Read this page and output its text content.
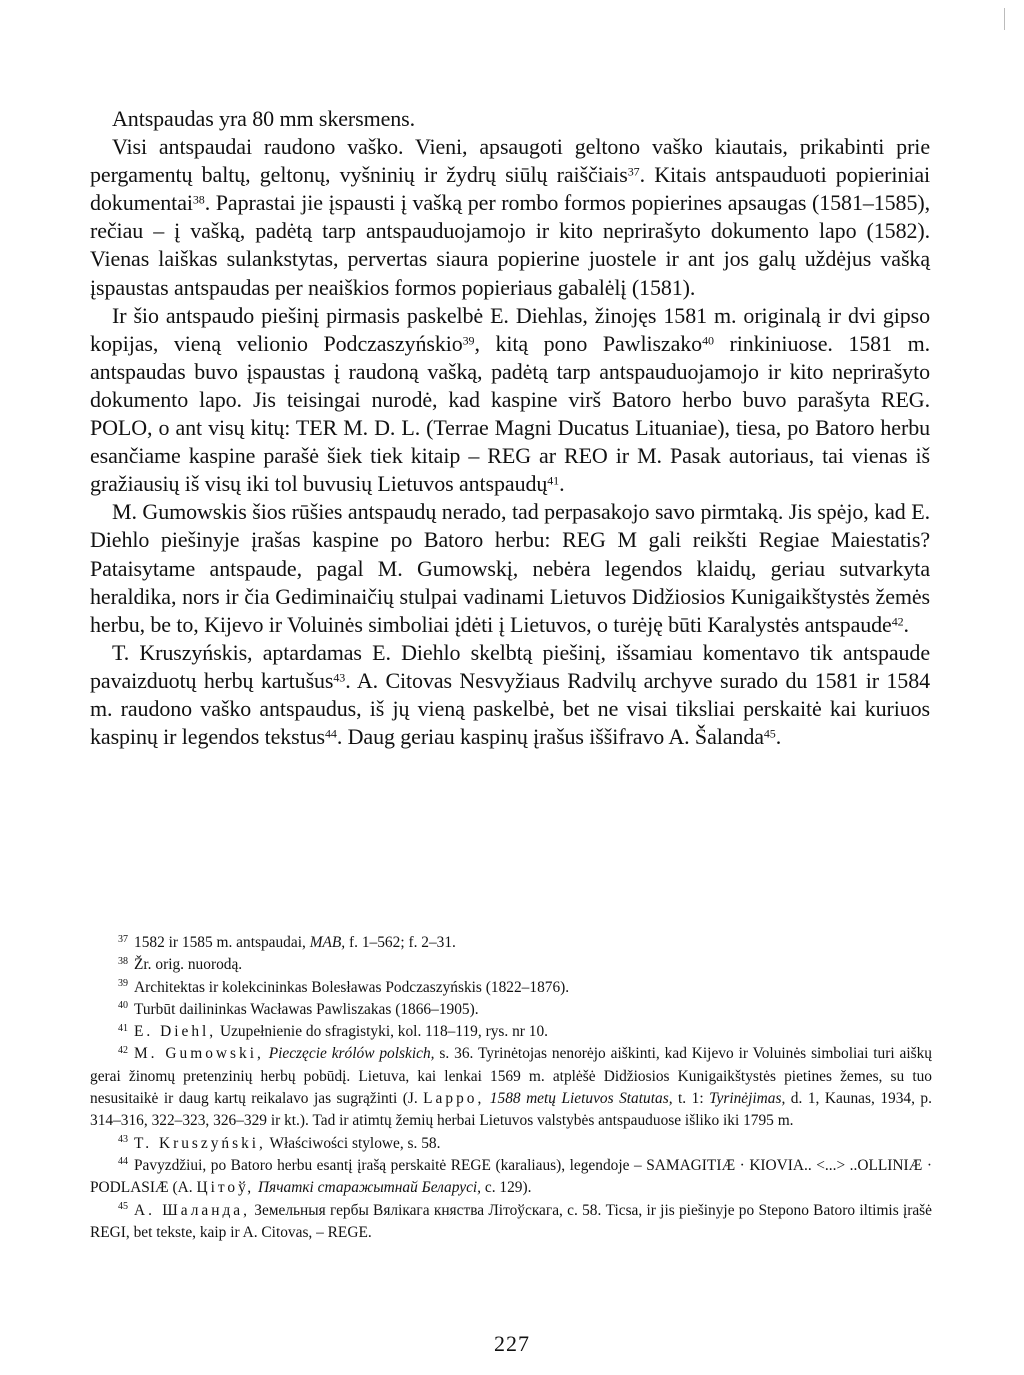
Antspaudas yra 80 mm skersmens.

Visi antspaudai raudono vaško. Vieni, apsaugoti geltono vaško kiautais, prikabinti prie pergamentų baltų, geltonų, vyšninių ir žydrų siūlų raiščiais$^{37}$. Kitais antspauduoti popieriniai dokumentai$^{38}$. Paprastai jie įspausti į vašką per rombo formos popierines apsaugas (1581–1585), rečiau – į vašką, padėtą tarp antspauduojamojo ir kito neprirašyto dokumento lapo (1582). Vienas laiškas sulankstytas, pervertas siaura popierine juostele ir ant jos galų uždėjus vašką įspaustas antspaudas per neaiškios formos popieriaus gabalėlį (1581).

Ir šio antspaudo piešinį pirmasis paskelbė E. Diehlas, žinojęs 1581 m. originalą ir dvi gipso kopijas, vieną velionio Podczaszyńskio$^{39}$, kitą pono Pawliszako$^{40}$ rinkiniuose. 1581 m. antspaudas buvo įspaustas į raudoną vašką, padėtą tarp antspauduojamojo ir kito neprirašyto dokumento lapo. Jis teisingai nurodė, kad kaspine virš Batoro herbo buvo parašyta REG. POLO, o ant visų kitų: TER M. D. L. (Terrae Magni Ducatus Lituaniae), tiesa, po Batoro herbu esančiame kaspine parašė šiek tiek kitaip – REG ar REO ir M. Pasak autoriaus, tai vienas iš gražiausių iš visų iki tol buvusių Lietuvos antspaudų$^{41}$.

M. Gumowskis šios rūšies antspaudų nerado, tad perpasakojo savo pirmtaką. Jis spėjo, kad E. Diehlo piešinyje įrašas kaspine po Batoro herbu: REG M gali reikšti Regiae Maiestatis? Pataisytame antspaude, pagal M. Gumowskį, nebėra legendos klaidų, geriau sutvarkyta heraldika, nors ir čia Gediminaičių stulpai vadinami Lietuvos Didžiosios Kunigaikštystės žemės herbu, be to, Kijevo ir Voluinės simboliai įdėti į Lietuvos, o turėję būti Karalystės antspaude$^{42}$.

T. Kruszyńskis, aptardamas E. Diehlo skelbtą piešinį, išsamiau komentavo tik antspaude pavaizduotų herbų kartušus$^{43}$. A. Citovas Nesvyžiaus Radvilų archyve surado du 1581 ir 1584 m. raudono vaško antspaudus, iš jų vieną paskelbė, bet ne visai tiksliai perskaitė kai kuriuos kaspinų ir legendos tekstus$^{44}$. Daug geriau kaspinų įrašus iššifravo A. Šalanda$^{45}$.

$^{37}$ 1582 ir 1585 m. antspaudai, MAB, f. 1–562; f. 2–31.

$^{38}$ Žr. orig. nuorodą.

$^{39}$ Architektas ir kolekcininkas Bolesławas Podczaszyńskis (1822–1876).

$^{40}$ Turbūt dailininkas Wacławas Pawliszakas (1866–1905).

$^{41}$ E. Diehl, Uzupełnienie do sfragistyki, kol. 118–119, rys. nr 10.

$^{42}$ M. Gumowski, Pieczęcie królów polskich, s. 36. Tyrinėtojas nenorėjo aiškinti, kad Kijevo ir Voluinės simboliai turi aiškų gerai žinomų pretenzinių herbų pobūdį. Lietuva, kai lenkai 1569 m. atplėšė Didžiosios Kunigaikštystės pietines žemes, su tuo nesusitaikė ir daug kartų reikalavo jas sugrąžinti (J. Lappo, 1588 metų Lietuvos Statutas, t. 1: Tyrinėjimas, d. 1, Kaunas, 1934, p. 314–316, 322–323, 326–329 ir kt.). Tad ir atimtų žemių herbai Lietuvos valstybės antspauduose išliko iki 1795 m.

$^{43}$ T. Kruszyński, Właściwości stylowe, s. 58.

$^{44}$ Pavyzdžiui, po Batoro herbu esantį įrašą perskaitė REGE (karaliaus), legendoje – SAMAGITIÆ · KIOVIA.. <...> ..OLLINIÆ · PODLASIÆ (A. Цiтоў, Пячаткi старажытнай Беларусi, с. 129).

$^{45}$ А. Шаланда, Земельныя гербы Вялiкага княства Лiтоўскага, с. 58. Ticsa, ir jis piešinyje po Stepono Batoro iltimis įrašė REGI, bet tekste, kaip ir A. Citovas, – REGE.

227
